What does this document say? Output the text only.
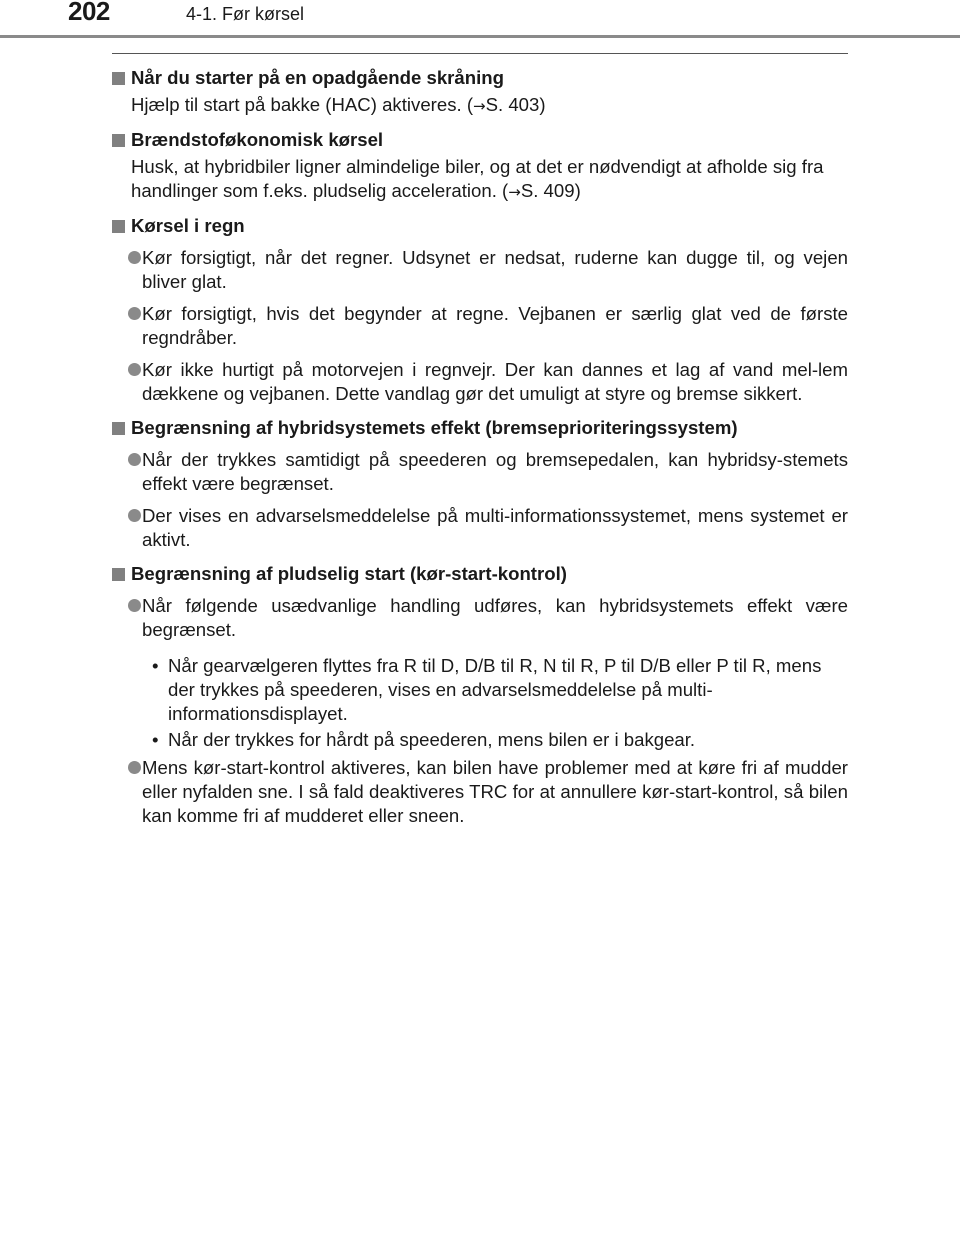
202	4-1. Før kørsel
Når du starter på en opadgående skråning
Hjælp til start på bakke (HAC) aktiveres. (→S. 403)
Brændstoføkonomisk kørsel
Husk, at hybridbiler ligner almindelige biler, og at det er nødvendigt at afholde sig fra handlinger som f.eks. pludselig acceleration. (→S. 409)
Kørsel i regn
Kør forsigtigt, når det regner. Udsynet er nedsat, ruderne kan dugge til, og vejen bliver glat.
Kør forsigtigt, hvis det begynder at regne. Vejbanen er særlig glat ved de første regndråber.
Kør ikke hurtigt på motorvejen i regnvejr. Der kan dannes et lag af vand mel-lem dækkene og vejbanen. Dette vandlag gør det umuligt at styre og bremse sikkert.
Begrænsning af hybridsystemets effekt (bremseprioriteringssystem)
Når der trykkes samtidigt på speederen og bremsepedalen, kan hybridsy-stemets effekt være begrænset.
Der vises en advarselsmeddelelse på multi-informationssystemet, mens systemet er aktivt.
Begrænsning af pludselig start (kør-start-kontrol)
Når følgende usædvanlige handling udføres, kan hybridsystemets effekt være begrænset.
• Når gearvælgeren flyttes fra R til D, D/B til R, N til R, P til D/B eller P til R, mens der trykkes på speederen, vises en advarselsmeddelelse på multi-informationsdisplayet.
• Når der trykkes for hårdt på speederen, mens bilen er i bakgear.
Mens kør-start-kontrol aktiveres, kan bilen have problemer med at køre fri af mudder eller nyfalden sne. I så fald deaktiveres TRC for at annullere kør-start-kontrol, så bilen kan komme fri af mudderet eller sneen.
